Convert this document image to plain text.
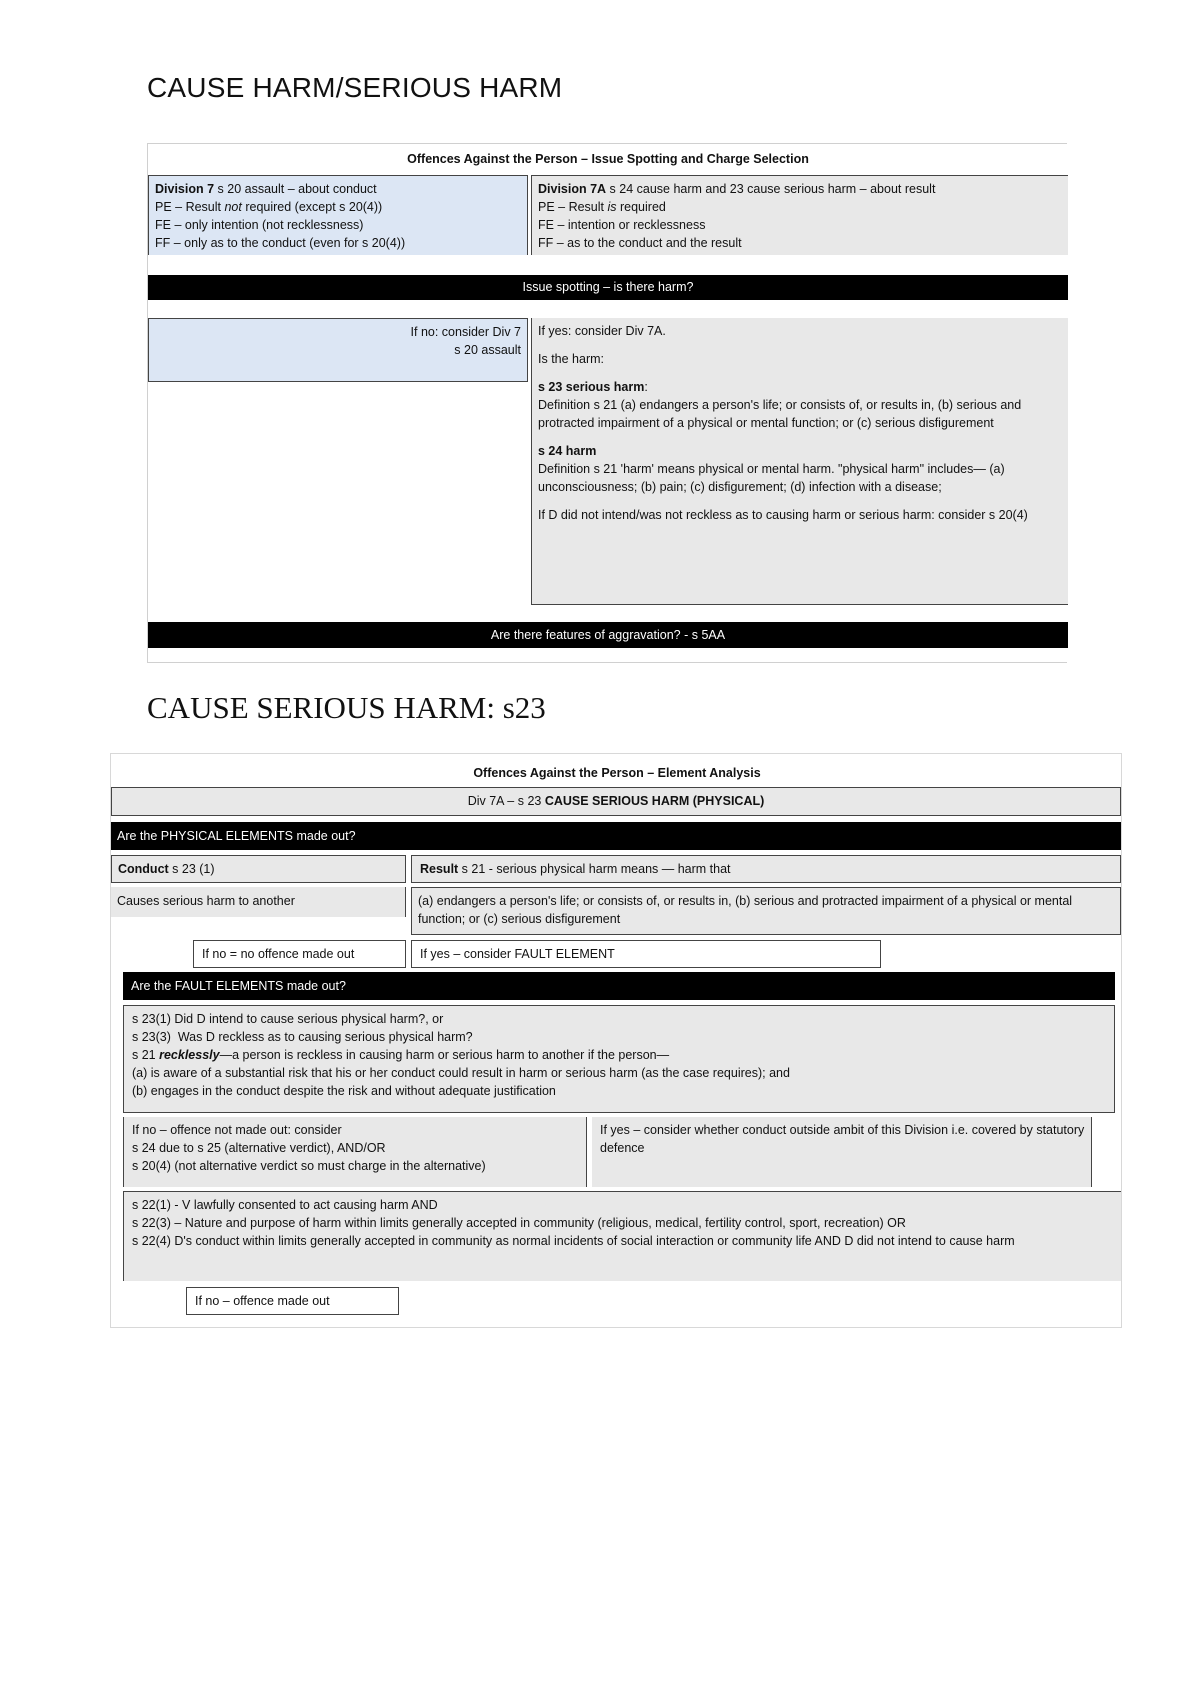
CAUSE HARM/SERIOUS HARM
Offences Against the Person – Issue Spotting and Charge Selection
Division 7 s 20 assault – about conduct
PE – Result not required (except s 20(4))
FE – only intention (not recklessness)
FF – only as to the conduct (even for s 20(4))
Division 7A s 24 cause harm and 23 cause serious harm – about result
PE – Result is required
FE – intention or recklessness
FF – as to the conduct and the result
Issue spotting – is there harm?
If no: consider Div 7
s 20 assault
If yes: consider Div 7A.
Is the harm:
s 23 serious harm:
Definition s 21 (a) endangers a person's life; or consists of, or results in, (b) serious and protracted impairment of a physical or mental function; or (c) serious disfigurement
s 24 harm
Definition s 21 'harm' means physical or mental harm. "physical harm" includes— (a) unconsciousness; (b) pain; (c) disfigurement; (d) infection with a disease;
If D did not intend/was not reckless as to causing harm or serious harm: consider s 20(4)
Are there features of aggravation? - s 5AA
CAUSE SERIOUS HARM: s23
Offences Against the Person – Element Analysis
Div 7A – s 23 CAUSE SERIOUS HARM (PHYSICAL)
Are the PHYSICAL ELEMENTS made out?
Conduct s 23 (1)	Result s 21 - serious physical harm means — harm that
Causes serious harm to another	(a) endangers a person's life; or consists of, or results in, (b) serious and protracted impairment of a physical or mental function; or (c) serious disfigurement
If no = no offence made out	If yes – consider FAULT ELEMENT
Are the FAULT ELEMENTS made out?
s 23(1) Did D intend to cause serious physical harm?, or
s 23(3)  Was D reckless as to causing serious physical harm?
s 21 recklessly—a person is reckless in causing harm or serious harm to another if the person—
(a) is aware of a substantial risk that his or her conduct could result in harm or serious harm (as the case requires); and
(b) engages in the conduct despite the risk and without adequate justification
If no – offence not made out: consider
s 24 due to s 25 (alternative verdict), AND/OR
s 20(4) (not alternative verdict so must charge in the alternative)
If yes – consider whether conduct outside ambit of this Division i.e. covered by statutory defence
s 22(1) - V lawfully consented to act causing harm AND
s 22(3) – Nature and purpose of harm within limits generally accepted in community (religious, medical, fertility control, sport, recreation) OR
s 22(4) D's conduct within limits generally accepted in community as normal incidents of social interaction or community life AND D did not intend to cause harm
If no – offence made out
